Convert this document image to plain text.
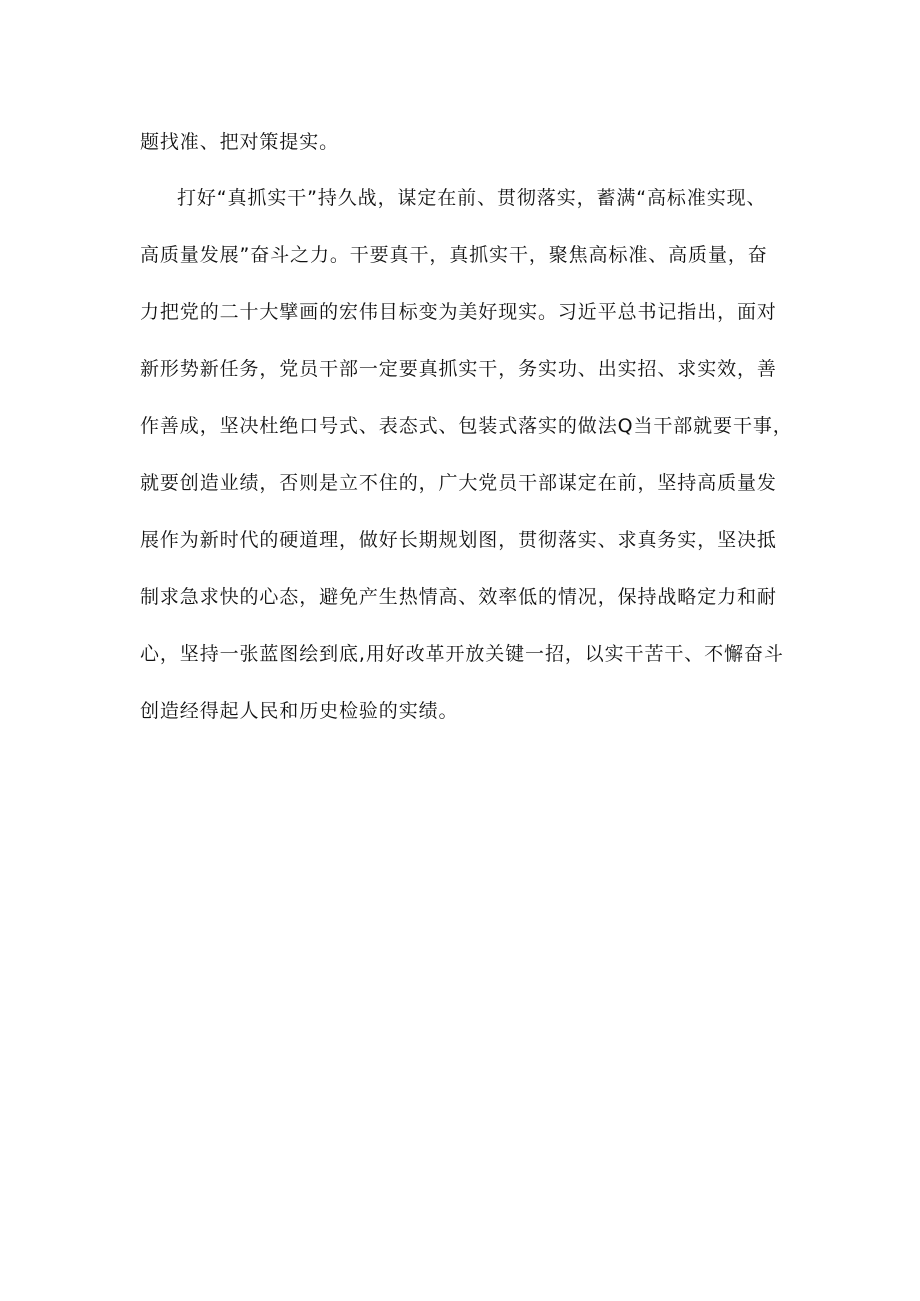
题找准、把对策提实。
打好“真抓实干”持久战，谋定在前、贯彻落实，蓄满“高标准实现、
高质量发展”奋斗之力。干要真干，真抓实干，聚焦高标准、高质量，奋
力把党的二十大擘画的宏伟目标变为美好现实。习近平总书记指出，面对
新形势新任务，党员干部一定要真抓实干，务实功、出实招、求实效，善
作善成，坚决杜绝口号式、表态式、包装式落实的做法Q当干部就要干事，
就要创造业绩，否则是立不住的，广大党员干部谋定在前，坚持高质量发
展作为新时代的硬道理，做好长期规划图，贯彻落实、求真务实，坚决抵
制求急求快的心态，避免产生热情高、效率低的情况，保持战略定力和耐
心，坚持一张蓝图绘到底,用好改革开放关键一招，以实干苦干、不懈奋斗
创造经得起人民和历史检验的实绩。
